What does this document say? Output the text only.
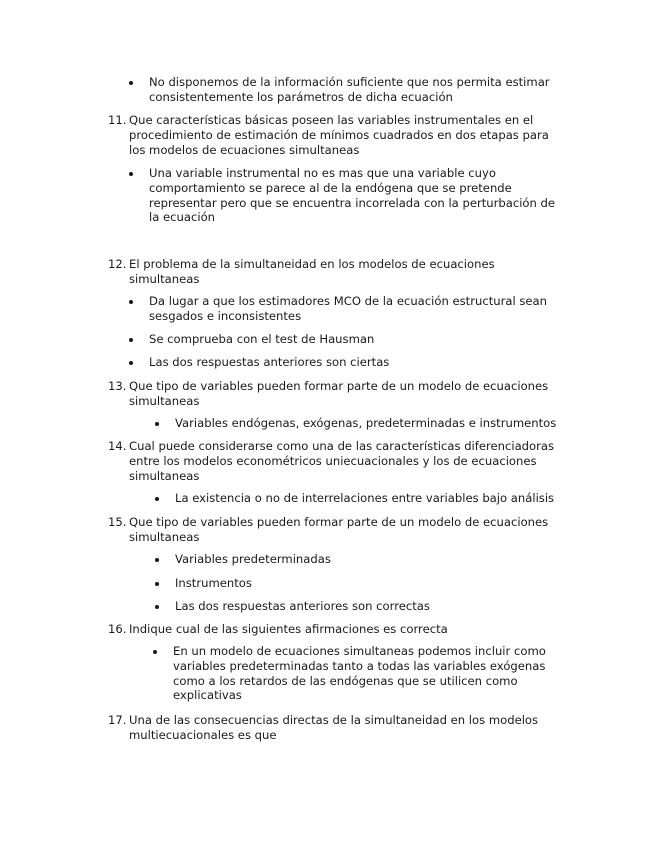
No disponemos de la información suficiente que nos permita estimar consistentemente los parámetros de dicha ecuación
11. Que características básicas poseen las variables instrumentales en el procedimiento de estimación de mínimos cuadrados en dos etapas para los modelos de ecuaciones simultaneas
Una variable instrumental no es mas que una variable cuyo comportamiento se parece al de la endógena que se pretende representar pero que se encuentra incorrelada con la perturbación de la ecuación
12. El problema de la simultaneidad en los modelos de ecuaciones simultaneas
Da lugar a que los estimadores MCO de la ecuación estructural sean sesgados e inconsistentes
Se comprueba con el test de Hausman
Las dos respuestas anteriores son ciertas
13. Que tipo de variables pueden formar parte de un modelo de ecuaciones simultaneas
Variables endógenas, exógenas, predeterminadas e instrumentos
14. Cual puede considerarse como una de las características diferenciadoras entre los modelos econométricos uniecuacionales y los de ecuaciones simultaneas
La existencia o no de interrelaciones entre variables bajo análisis
15. Que tipo de variables pueden formar parte de un modelo de ecuaciones simultaneas
Variables predeterminadas
Instrumentos
Las dos respuestas anteriores son correctas
16. Indique cual de las siguientes afirmaciones es correcta
En un modelo de ecuaciones simultaneas podemos incluir como variables predeterminadas tanto a todas las variables exógenas como a los retardos de las endógenas que se utilicen como explicativas
17. Una de las consecuencias directas de la simultaneidad en los modelos multiecuacionales es que
